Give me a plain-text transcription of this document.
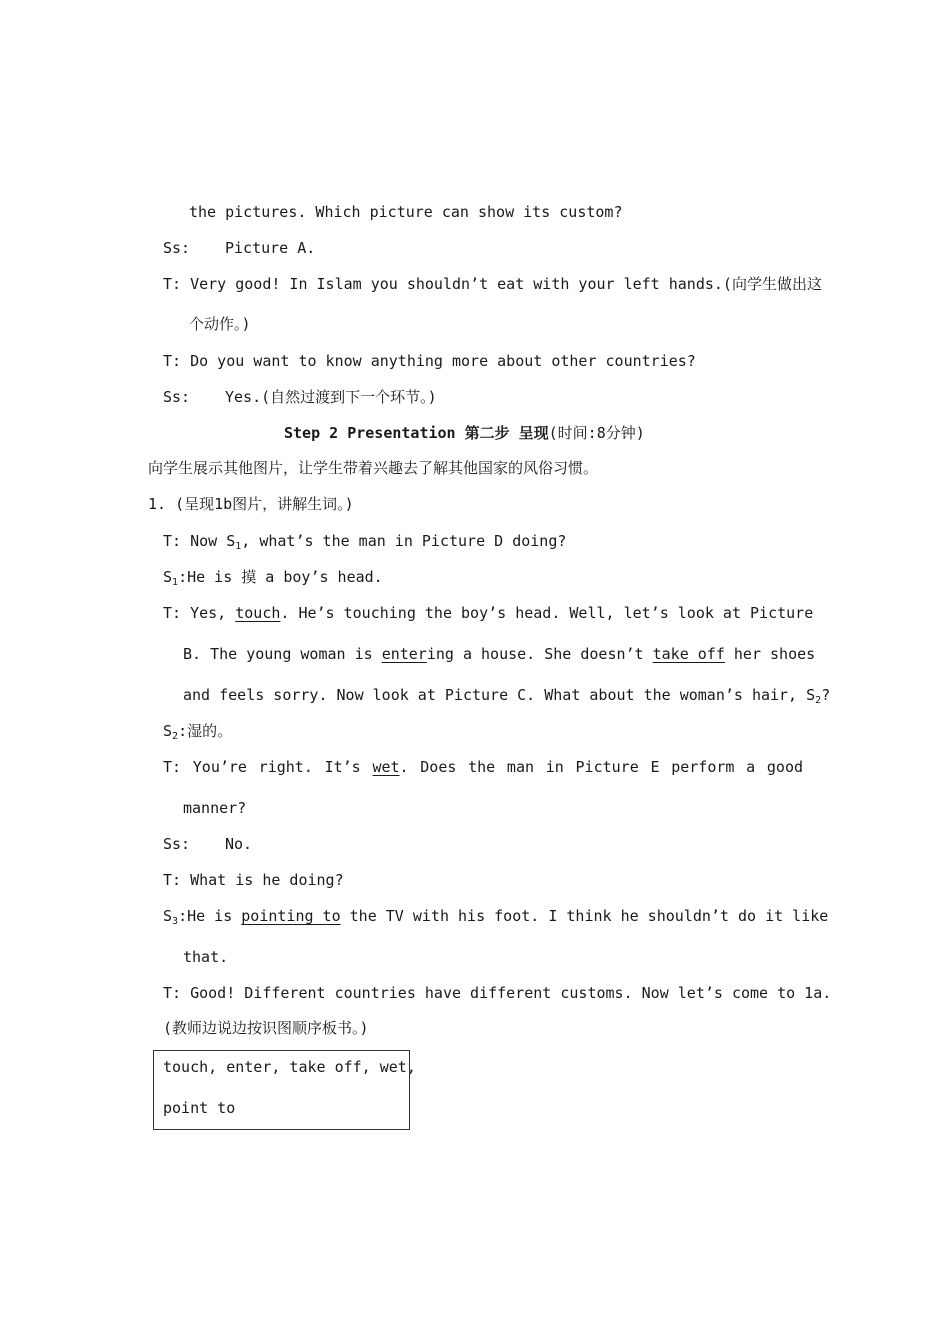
the pictures. Which picture can show its custom?
Ss: Picture A.
T: Very good! In Islam you shouldn’t eat with your left hands.(向学生做出这
个动作。)
T: Do you want to know anything more about other countries?
Ss: Yes.(自然过渡到下一个环节。)
Step 2 Presentation 第二步 呈现(时间:8分钟)
向学生展示其他图片，让学生带着兴趣去了解其他国家的风俗习惯。
1. (呈现1b图片，讲解生词。)
T: Now $S_1$, what’s the man in Picture D doing?
$S_1:He$ is 摸 a boy’s head.
T: Yes, touch. He’s touching the boy’s head. Well, let’s look at Picture
B. The young woman is entering a house. She doesn’t take off her shoes
and feels sorry. Now look at Picture C. What about the woman’s hair, $S_2$?
$S_2$:湿的。
T: You’re right. It’s wet. Does the man in Picture E perform a good
manner?
Ss: No.
T: What is he doing?
$S_3:He$ is pointing to the TV with his foot. I think he shouldn’t do it like
that.
T: Good! Different countries have different customs. Now let’s come to 1a.
(教师边说边按识图顺序板书。)
touch, enter, take off, wet,
point to
